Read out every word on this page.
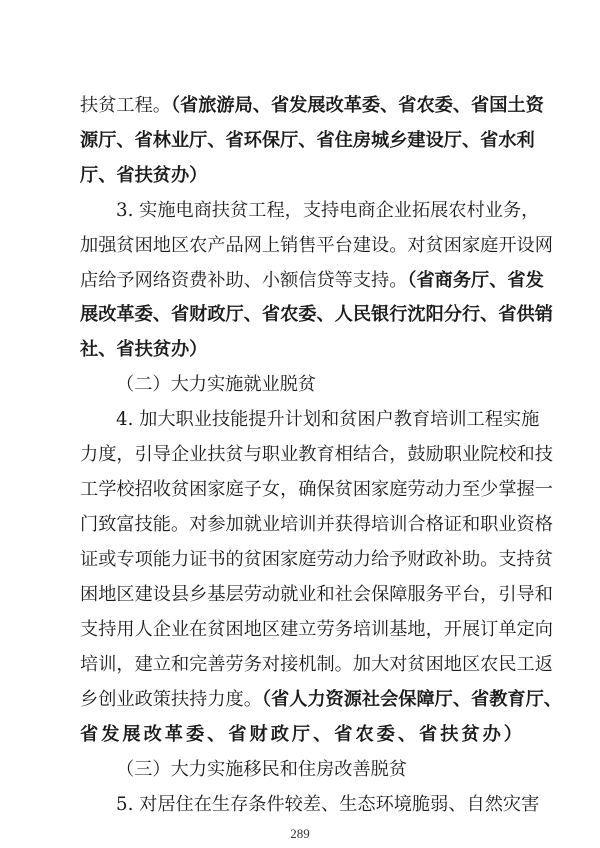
扶贫工程。（省旅游局、省发展改革委、省农委、省国土资
源厅、省林业厅、省环保厅、省住房城乡建设厅、省水利
厅、省扶贫办）
3. 实施电商扶贫工程，支持电商企业拓展农村业务，
加强贫困地区农产品网上销售平台建设。对贫困家庭开设网
店给予网络资费补助、小额信贷等支持。（省商务厅、省发
展改革委、省财政厅、省农委、人民银行沈阳分行、省供销
社、省扶贫办）
（二）大力实施就业脱贫
4. 加大职业技能提升计划和贫困户教育培训工程实施
力度，引导企业扶贫与职业教育相结合，鼓励职业院校和技
工学校招收贫困家庭子女，确保贫困家庭劳动力至少掌握一
门致富技能。对参加就业培训并获得培训合格证和职业资格
证或专项能力证书的贫困家庭劳动力给予财政补助。支持贫
困地区建设县乡基层劳动就业和社会保障服务平台，引导和
支持用人企业在贫困地区建立劳务培训基地，开展订单定向
培训，建立和完善劳务对接机制。加大对贫困地区农民工返
乡创业政策扶持力度。（省人力资源社会保障厅、省教育厅、
省发展改革委、省财政厅、省农委、省扶贫办）
289
（三）大力实施移民和住房改善脱贫
5. 对居住在生存条件较差、生态环境脆弱、自然灾害
